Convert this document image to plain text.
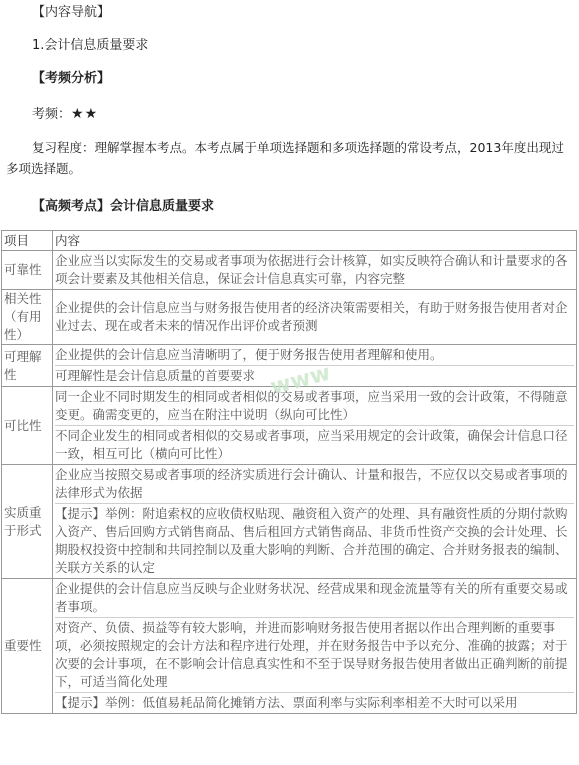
【内容导航】
1.会计信息质量要求
【考频分析】
考频：★★
复习程度：理解掌握本考点。本考点属于单项选择题和多项选择题的常设考点，2013年度出现过多项选择题。
【高频考点】会计信息质量要求
项目	内容
可靠性	企业应当以实际发生的交易或者事项为依据进行会计核算，如实反映符合确认和计量要求的各项会计要素及其他相关信息，保证会计信息真实可靠，内容完整

相关性（有用性）	企业提供的会计信息应当与财务报告使用者的经济决策需要相关，有助于财务报告使用者对企业过去、现在或者未来的情况作出评价或者预测

可理解性	企业提供的会计信息应当清晰明了，便于财务报告使用者理解和使用。
可理解性是会计信息质量的首要要求

可比性	同一企业不同时期发生的相同或者相似的交易或者事项，应当采用一致的会计政策，不得随意变更。确需变更的，应当在附注中说明（纵向可比性）
不同企业发生的相同或者相似的交易或者事项，应当采用规定的会计政策，确保会计信息口径一致，相互可比（横向可比性）

实质重于形式	企业应当按照交易或者事项的经济实质进行会计确认、计量和报告，不应仅以交易或者事项的法律形式为依据
【提示】举例：附追索权的应收债权贴现、融资租入资产的处理、具有融资性质的分期付款购入资产、售后回购方式销售商品、售后租回方式销售商品、非货币性资产交换的会计处理、长期股权投资中控制和共同控制以及重大影响的判断、合并范围的确定、合并财务报表的编制、关联方关系的认定

重要性	企业提供的会计信息应当反映与企业财务状况、经营成果和现金流量等有关的所有重要交易或者事项。
对资产、负债、损益等有较大影响，并进而影响财务报告使用者据以作出合理判断的重要事项，必须按照规定的会计方法和程序进行处理，并在财务报告中予以充分、准确的披露；对于次要的会计事项，在不影响会计信息真实性和不至于误导财务报告使用者做出正确判断的前提下，可适当简化处理
【提示】举例：低值易耗品简化摊销方法、票面利率与实际利率相差不大时可以采用
www
